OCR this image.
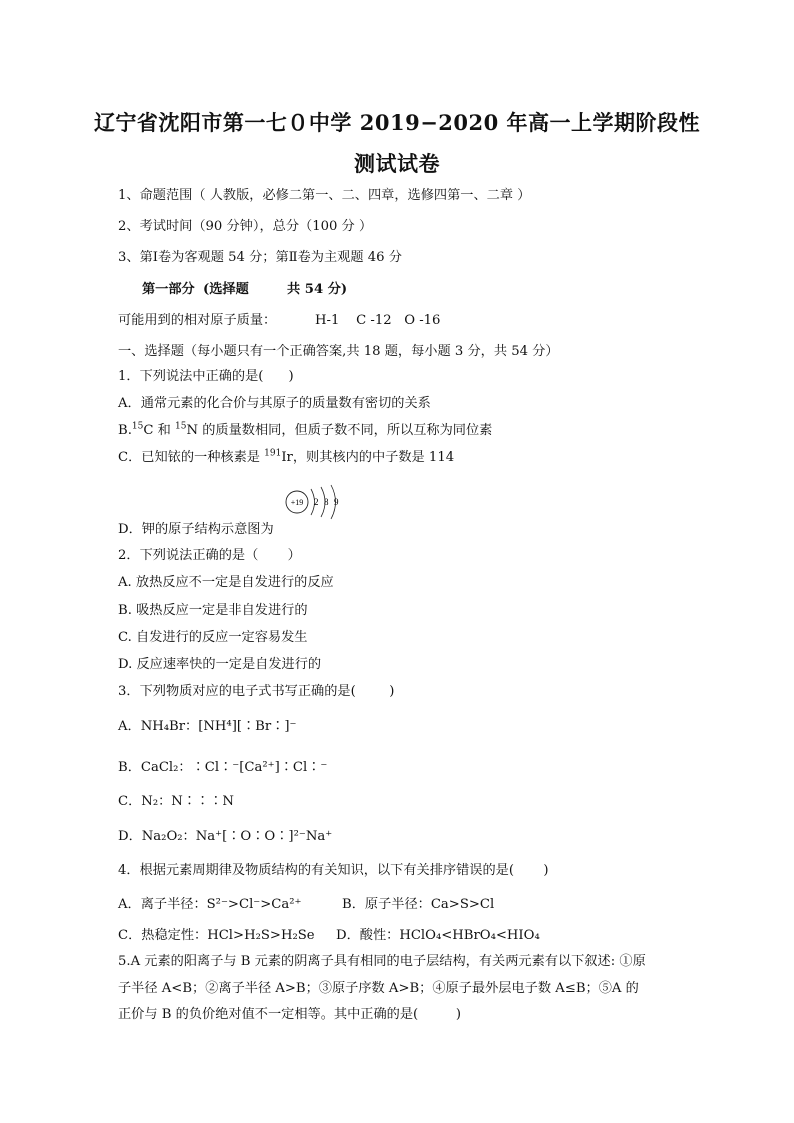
辽宁省沈阳市第一七０中学 2019−2020 年高一上学期阶段性
测试试卷
1、命题范围（ 人教版，必修二第一、二、四章，选修四第一、二章 ）
2、考试时间（90 分钟），总分（100 分 ）
3、第Ⅰ卷为客观题 54 分；第Ⅱ卷为主观题 46 分
第一部分 (选择题	共 54 分)
可能用到的相对原子质量：	H-1    C -12   O -16
一、选择题（每小题只有一个正确答案,共 18 题，每小题 3 分，共 54 分）
1．下列说法中正确的是(      )
A．通常元素的化合价与其原子的质量数有密切的关系
B.$^{15}$C 和 $^{15}$N 的质量数相同，但质子数不同，所以互称为同位素
C．已知铱的一种核素是 $^{191}$Ir，则其核内的中子数是 114
+19 2 8 9
D．钾的原子结构示意图为
2．下列说法正确的是（       ）
A. 放热反应不一定是自发进行的反应
B. 吸热反应一定是非自发进行的
C. 自发进行的反应一定容易发生
D. 反应速率快的一定是自发进行的
3．下列物质对应的电子式书写正确的是(        )
A．NH₄Br：[NH⁴][∶Br∶]⁻
B．CaCl₂：∶Cl∶⁻[Ca²⁺]∶Cl∶⁻
C．N₂：N∶∶∶N
D．Na₂O₂：Na⁺[∶O∶O∶]²⁻Na⁺
4．根据元素周期律及物质结构的有关知识，以下有关排序错误的是(       )
A．离子半径：S²⁻>Cl⁻>Ca²⁺	B．原子半径：Ca>S>Cl
C．热稳定性：HCl>H₂S>H₂Se D．酸性：HClO₄<HBrO₄<HIO₄
5.A 元素的阳离子与 B 元素的阴离子具有相同的电子层结构，有关两元素有以下叙述: ①原
子半径 A<B；②离子半径 A>B；③原子序数 A>B；④原子最外层电子数 A≤B；⑤A 的
正价与 B 的负价绝对值不一定相等。其中正确的是(         )
